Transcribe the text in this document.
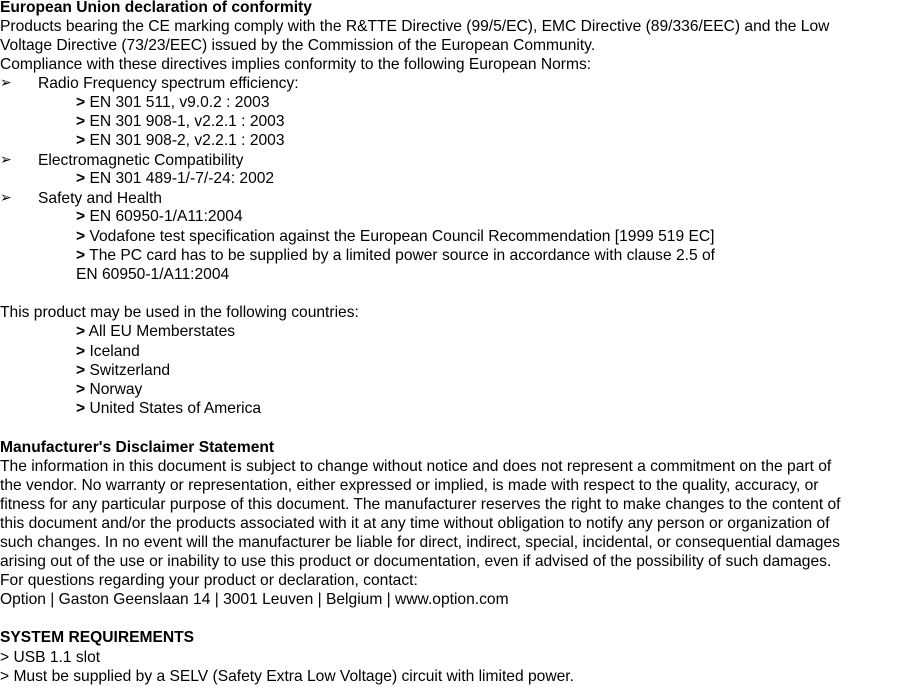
European Union declaration of conformity
Products bearing the CE marking comply with the R&TTE Directive (99/5/EC), EMC Directive (89/336/EEC) and the Low
Voltage Directive (73/23/EEC) issued by the Commission of the European Community.
Compliance with these directives implies conformity to the following European Norms:
➢ Radio Frequency spectrum efficiency:
> EN 301 511, v9.0.2 : 2003
> EN 301 908-1, v2.2.1 : 2003
> EN 301 908-2, v2.2.1 : 2003
➢ Electromagnetic Compatibility
> EN 301 489-1/-7/-24: 2002
➢ Safety and Health
> EN 60950-1/A11:2004
> Vodafone test specification against the European Council Recommendation [1999 519 EC]
> The PC card has to be supplied by a limited power source in accordance with clause 2.5 of
EN 60950-1/A11:2004
This product may be used in the following countries:
> All EU Memberstates
> Iceland
> Switzerland
> Norway
> United States of America
Manufacturer's Disclaimer Statement
The information in this document is subject to change without notice and does not represent a commitment on the part of
the vendor. No warranty or representation, either expressed or implied, is made with respect to the quality, accuracy, or
fitness for any particular purpose of this document. The manufacturer reserves the right to make changes to the content of
this document and/or the products associated with it at any time without obligation to notify any person or organization of
such changes. In no event will the manufacturer be liable for direct, indirect, special, incidental, or consequential damages
arising out of the use or inability to use this product or documentation, even if advised of the possibility of such damages.
For questions regarding your product or declaration, contact:
Option | Gaston Geenslaan 14 | 3001 Leuven | Belgium | www.option.com
SYSTEM REQUIREMENTS
> USB 1.1 slot
> Must be supplied by a SELV (Safety Extra Low Voltage) circuit with limited power.
